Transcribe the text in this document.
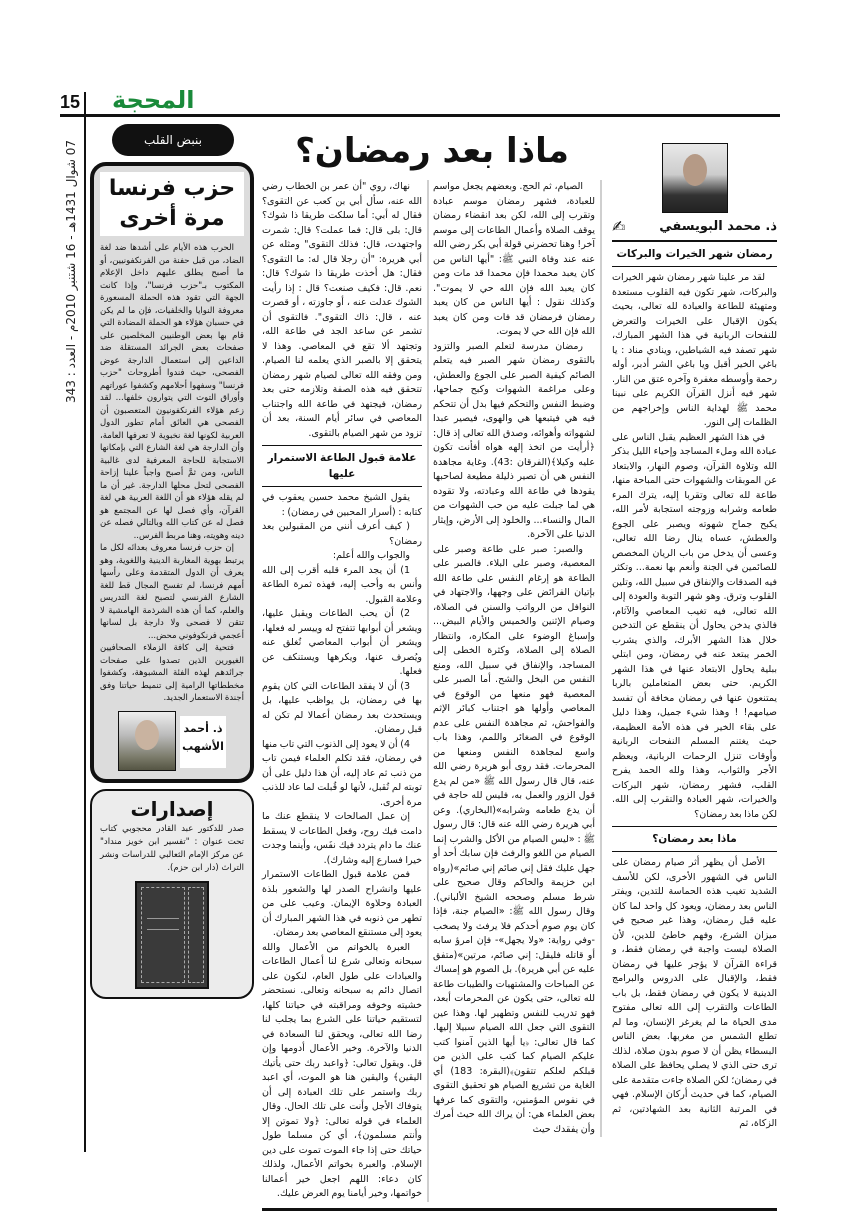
15 المحجة
07 شوال 1431هـ - 16 شتنبر 2010م - العدد : 343	بنبض القلب
حزب فرنسا
مرة أخرى

الحرب هذه الأيام على أشدها ضد لغة الضاد، من قبل حفنة من الفرنكفونيين، أو ما أصبح يطلق عليهم داخل الإعلام المكتوب بـ"حزب فرنسا"، وإذا كانت الجهة التي تقود هذه الحملة المسعورة معروفة النوايا والخلفيات، فإن ما لم يكن في حسبان هؤلاء هو الحملة المضادة التي قام بها بعض الوطنيين المخلصين على صفحات بعض الجرائد المستقلة ضد الداعين إلى استعمال الدارجة عوض الفصحى، حيث فندوا أطروحات "حزب فرنسا" وسفهوا أحلامهم وكشفوا عوراتهم وأوراق التوت التي يتوارون خلفها... لقد زعم هؤلاء الفرنكفونيون المتعصبون أن الفصحى هي العائق أمام تطور الدول العربية لكونها لغة نخبوية لا تعرفها العامة، وأن الدارجة هي لغة الشارع التي بإمكانها الاستجابة للحاجة المعرفية لدى غالبية الناس، ومن ثمَّ أصبح واجباً علينا إزاحة الفصحى لتحل محلها الدارجة. غير أن ما لم يقله هؤلاء هو أن اللغة العربية هي لغة القرآن، وأي فصل لها عن المجتمع هو فصل له عن كتاب الله وبالتالي فصله عن دينه وهويته، وهنا مربط الفرس..

إن حزب فرنسا معروف بعدائه لكل ما يرتبط بهوية المغاربة الدينية واللغوية، وهو يعرف أن الدول المتقدمة وعلى رأسها أمهم فرنسا، لم تفسح المجال قط للغة الشارع الفرنسي لتصبح لغة التدريس والعلم، كما أن هذه الشرذمة الهامشية لا تتقن لا فصحى ولا دارجة بل لسانها أعجمي فرنكوفوني محض...

فتحية إلى كافة الزملاء الصحافيين الغيورين الذين تصدوا على صفحات جرائدهم لهذه الفئة المشبوهة، وكشفوا مخططاتها الرامية إلى تنميط حياتنا وفق أجندة الاستعمار الجديد.

ذ. أحمد
الأشهب
إصدارات
صدر للدكتور عبد القادر محجوبي كتاب تحت عنوان : "تفسير ابن خويز منداد" عن مركز الإمام الثعالبي للدراسات ونشر التراث (دار ابن حزم).
ذ. محمد البويسفي
✍
رمضان شهر الخيرات والبركات

لقد مر علينا شهر رمضان شهر الخيرات والبركات، شهر تكون فيه القلوب مستعدة ومتهيئة للطاعة والعبادة لله تعالى، بحيث يكون الإقبال على الخيرات والتعرض للنفحات الربانية في هذا الشهر المبارك، شهر تصفد فيه الشياطين، وينادي مناد : يا باغي الخير أقبل ويا باغي الشر أدبر، أوله رحمة وأوسطه مغفرة وآخره عتق من النار. شهر فيه أنزل القرآن الكريم على نبينا محمد ﷺ لهداية الناس وإخراجهم من الظلمات إلى النور.

في هذا الشهر العظيم يقبل الناس على عبادة الله وملء المساجد وإحياء الليل بذكر الله وتلاوة القرآن، وصوم النهار، والابتعاد عن الموبقات والشهوات حتى المباحة منها، طاعة لله تعالى وتقربا إليه، يترك المرء طعامه وشرابه وزوجته استجابة لأمر الله، يكبح جماح شهوته ويصبر على الجوع والعطش، عساه ينال رضا الله تعالى، وعسى أن يدخل من باب الريان المخصص للصائمين في الجنة وأنعم بها نعمة... وتكثر فيه الصدقات والإنفاق في سبيل الله، وتلين القلوب وترق. وهو شهر التوبة والعودة إلى الله تعالى، فيه تغيب المعاصي والآثام، فالذي يدخن يحاول أن ينقطع عن التدخين خلال هذا الشهر الأبرك، والذي يشرب الخمر يبتعد عنه في رمضان، ومن ابتلي ببلية يحاول الابتعاد عنها في هذا الشهر الكريم. حتى بعض المتعاملين بالربا يمتنعون عنها في رمضان مخافة أن تفسد صيامهم! ! وهذا شيء جميل، وهذا دليل على بقاء الخير في هذه الأمة العظيمة، حيث يغتنم المسلم النفحات الربانية وأوقات تنزل الرحمات الربانية، ويعظم الأجر والثواب، وهذا ولله الحمد يفرح القلب، فشهر رمضان، شهر البركات والخيرات، شهر العبادة والتقرب إلى الله. لكن ماذا بعد رمضان؟

ماذا بعد رمضان؟

الأصل أن يظهر أثر صيام رمضان على الناس في الشهور الأخرى، لكن للأسف الشديد تغيب هذه الحماسة للتدين، ويفتر الناس بعد رمضان، ويعود كل واحد لما كان عليه قبل رمضان، وهذا غير صحيح في ميزان الشرع، وفهم خاطئ للدين، لأن الصلاة ليست واجبة في رمضان فقط، و قراءة القرآن لا يؤجر عليها في رمضان فقط، والإقبال على الدروس والبرامج الدينية لا يكون في رمضان فقط، بل باب الطاعات والتقرب إلى الله تعالى مفتوح مدى الحياة ما لم يغرغر الإنسان، وما لم تطلع الشمس من مغربها. بعض الناس البسطاء يظن أن لا صوم بدون صلاة، لذلك ترى حتى الذي لا يصلي يحافظ على الصلاة في رمضان؛ لكن الصلاة جاءت متقدمة على الصيام، كما في حديث أركان الإسلام. فهي في المرتبة الثانية بعد الشهادتين، ثم الزكاة، ثم

ماذا بعد رمضان؟

الصيام، ثم الحج. وبعضهم يجعل مواسم للعبادة، فشهر رمضان موسم عبادة وتقرب إلى الله، لكن بعد انقضاء رمضان يوقف الصلاة وأعمال الطاعات إلى موسم آخر! وهنا تحضرني قولة أبي بكر رضي الله عنه عند وفاة النبي ﷺ: "أيها الناس من كان يعبد محمدا فإن محمدا قد مات ومن كان يعبد الله فإن الله حي لا يموت". وكذلك نقول : أيها الناس من كان يعبد رمضان فرمضان قد فات ومن كان يعبد الله فإن الله حي لا يموت.

رمضان مدرسة لتعلم الصبر والتزود بالتقوى رمضان شهر الصبر فيه يتعلم الصائم كيفية الصبر على الجوع والعطش، وعلى مراغمة الشهوات وكبح جماحها، وضبط النفس والتحكم فيها بدل أن تتحكم فيه هي فيتبعها هي والهوى، فيصير عبدا لشهواته وأهوائه، وصدق الله تعالى إذ قال: ﴿أرأيت من اتخذ إلهه هواه أفأنت تكون عليه وكيلا﴾(الفرقان :43). وغاية مجاهدة النفس هي أن تصير ذليلة مطيعة لصاحبها يقودها في طاعة الله وعبادته، ولا تقوده هي لما جبلت عليه من حب الشهوات من المال والنساء... والخلود إلى الأرض، وإيثار الدنيا على الآخرة.

والصبر: صبر على طاعة وصبر على المعصية، وصبر على البلاء. فالصبر على الطاعة هو إرغام النفس على طاعة الله بإتيان الفرائض على وجهها، والاجتهاد في النوافل من الرواتب والسنن في الصلاة، وصيام الإثنين والخميس والأيام البيض... وإسباغ الوضوء على المكاره، وانتظار الصلاة إلى الصلاة، وكثرة الخطى إلى المساجد، والإنفاق في سبيل الله، ومنع النفس من البخل والشح. أما الصبر على المعصية فهو منعها من الوقوع في المعاصي وأولها هو اجتناب كبائر الإثم والفواحش، ثم مجاهدة النفس على عدم الوقوع في الصغائر واللمم، وهذا باب واسع لمجاهدة النفس ومنعها من المحرمات. فقد روى أبو هريرة رضي الله عنه، قال قال رسول الله ﷺ «من لم يدع قول الزور والعمل به، فليس لله حاجة في أن يدع طعامه وشرابه»(البخاري). وعن أبي هريرة رضي الله عنه قال: قال رسول ﷺ : «ليس الصيام من الأكل والشرب إنما الصيام من اللغو والرفث فإن سابك أحد أو جهل عليك فقل إني صائم إني صائم»(رواه ابن خزيمة والحاكم وقال صحيح على شرط مسلم وصححه الشيخ الألباني). وقال رسول الله ﷺ: «الصيام جنة، فإذا كان يوم صوم أحدكم فلا يرفث ولا يصخب -وفي رواية: «ولا يجهل»- فإن امرؤ سابه أو قاتله فليقل: إني صائم، مرتين»(متفق عليه عن أبي هريرة). بل الصوم هو إمساك عن المباحات والمشتهيات والطيبات طاعة لله تعالى، حتى يكون عن المحرمات أبعد، فهو تدريب للنفس وتطهير لها. وهذا عين التقوى التي جعل الله الصيام سبيلا إليها. كما قال تعالى: ﴿يا أيها الذين آمنوا كتب عليكم الصيام كما كتب على الذين من قبلكم لعلكم تتقون﴾(البقرة: 183) أي الغاية من تشريع الصيام هو تحقيق التقوى في نفوس المؤمنين، والتقوى كما عرفها بعض العلماء هي: أن يراك الله حيث أمرك وأن يفقدك حيث

نهاك، روي "أن عمر بن الخطاب رضي الله عنه، سأل أبي بن كعب عن التقوى؟ فقال له أبي: أما سلكت طريقا ذا شوك؟ قال: بلى قال: فما عملت؟ قال: شمرت واجتهدت، قال: فذلك التقوى" ومثله عن أبي هريرة: "أن رجلا قال له: ما التقوى؟ فقال: هل أخذت طريقا ذا شوك؟ قال: نعم. قال: فكيف صنعت؟ قال : إذا رأيت الشوك عدلت عنه ، أو جاوزته ، أو قصرت عنه ، قال: ذاك التقوى". فالتقوى أن تشمر عن ساعد الجد في طاعة الله، وتجتهد ألا تقع في المعاصي. وهذا لا يتحقق إلا بالصبر الذي يعلمه لنا الصيام. ومن وفقه الله تعالى لصيام شهر رمضان تتحقق فيه هذه الصفة وتلازمه حتى بعد رمضان، فيجتهد في طاعة الله واجتناب المعاصي في سائر أيام السنة، بعد أن تزود من شهر الصيام بالتقوى.

علامة قبول الطاعة الاستمرار عليها

يقول الشيخ محمد حسين يعقوب في كتابه : (أسرار المحبين في رمضان) :

( كيف أعرف أنني من المقبولين بعد رمضان؟

والجواب والله أعلم:

1) أن يجد المرء قلبه أقرب إلى الله وأنس به وأحب إليه، فهذه ثمرة الطاعة وعلامة القبول.

2) أن يحب الطاعات ويقبل عليها، ويشعر أن أبوابها تتفتح له وييسر له فعلها، ويشعر أن أبواب المعاصي تُغلق عنه ويُصرف عنها، ويكرهها ويستنكف عن فعلها.

3) أن لا يفقد الطاعات التي كان يقوم بها في رمضان، بل يواظب عليها، بل ويستحدث بعد رمضان أعمالا لم تكن له قبل رمضان.

4) أن لا يعود إلى الذنوب التي تاب منها في رمضان، فقد تكلم العلماء فيمن تاب من ذنب ثم عاد إليه، أن هذا دليل على أن توبته لم تُقبل، لأنها لو قُبلت لما عاد للذنب مرة أخرى.

إن عمل الصالحات لا ينقطع عنك ما دامت فيك روح، وفعل الطاعات لا يسقط عنك ما دام يتردد فيك نفَس، وأينما وجدت خيرا فسارع إليه وشارك).

فمن علامة قبول الطاعات الاستمرار عليها وانشراح الصدر لها والشعور بلذة العبادة وحلاوة الإيمان. وعيب على من تطهر من ذنوبه في هذا الشهر المبارك أن يعود إلى مستنقع المعاصي بعد رمضان.

العبرة بالخواتم من الأعمال والله سبحانه وتعالى شرع لنا أعمال الطاعات والعبادات على طول العام، لنكون على اتصال دائم به سبحانه وتعالى. نستحضر خشيته وخوفه ومراقبته في حياتنا كلها، لتستقيم حياتنا على الشرع بما يجلب لنا رضا الله تعالى، ويحقق لنا السعادة في الدنيا والآخرة. وخير الأعمال أدومها وإن قل. ويقول تعالى: ﴿واعبد ربك حتى يأتيك اليقين﴾ واليقين هنا هو الموت، أي اعبد ربك واستمر على تلك العبادة إلى أن يتوفاك الأجل وأنت على تلك الحال. وقال العلماء في قوله تعالى: ﴿ولا تموتن إلا وأنتم مسلمون﴾، أي كن مسلما طول حياتك حتى إذا جاء الموت تموت على دين الإسلام. والعبرة بخواتم الأعمال، ولذلك كان دعاء: اللهم اجعل خير أعمالنا خواتمها، وخير أيامنا يوم العرض عليك.
